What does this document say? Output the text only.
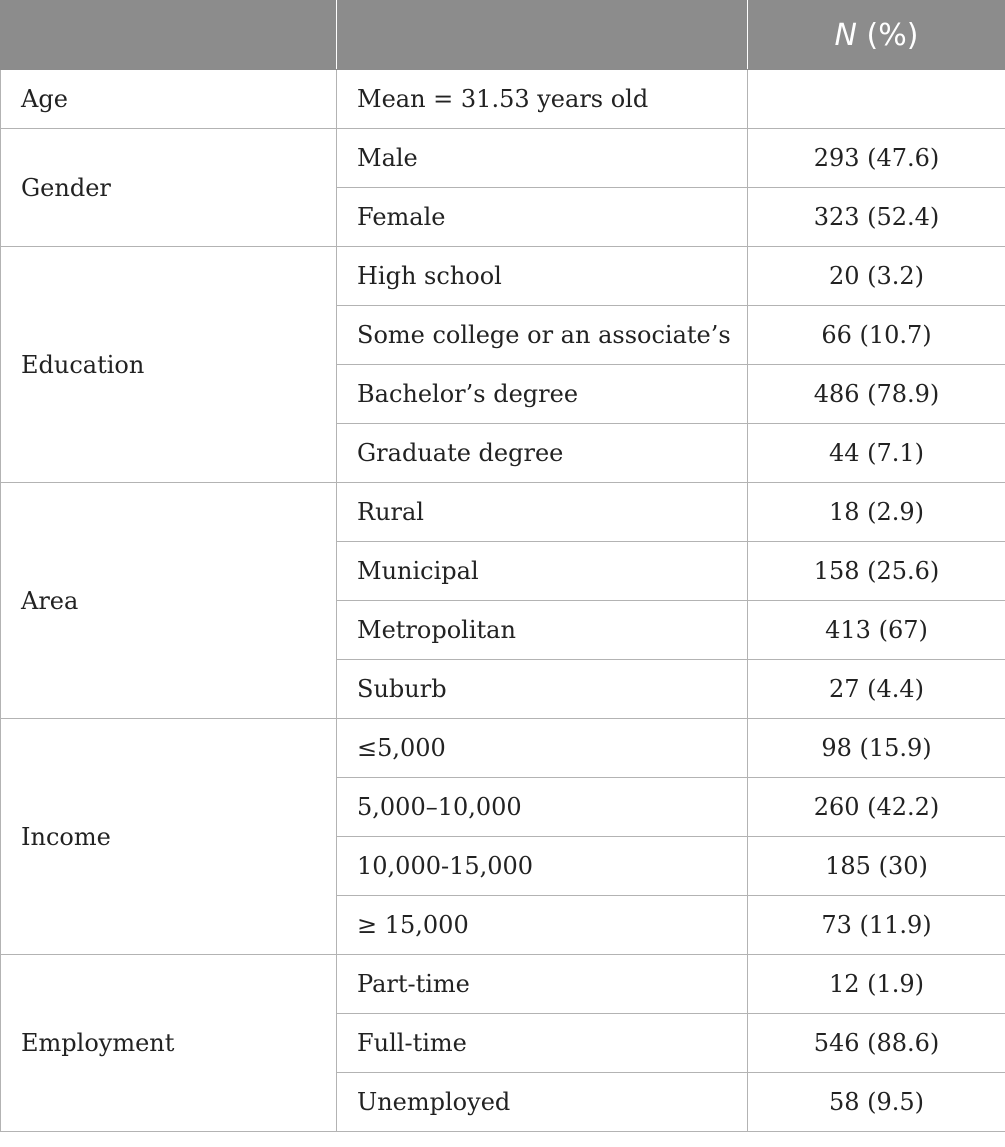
		N (%)
Age	Mean = 31.53 years old	
Gender	Male	293 (47.6)
	Female	323 (52.4)
Education	High school	20 (3.2)
	Some college or an associate’s	66 (10.7)
	Bachelor’s degree	486 (78.9)
	Graduate degree	44 (7.1)
Area	Rural	18 (2.9)
	Municipal	158 (25.6)
	Metropolitan	413 (67)
	Suburb	27 (4.4)
Income	≤5,000	98 (15.9)
	5,000–10,000	260 (42.2)
	10,000-15,000	185 (30)
	≥ 15,000	73 (11.9)
Employment	Part-time	12 (1.9)
	Full-time	546 (88.6)
	Unemployed	58 (9.5)
